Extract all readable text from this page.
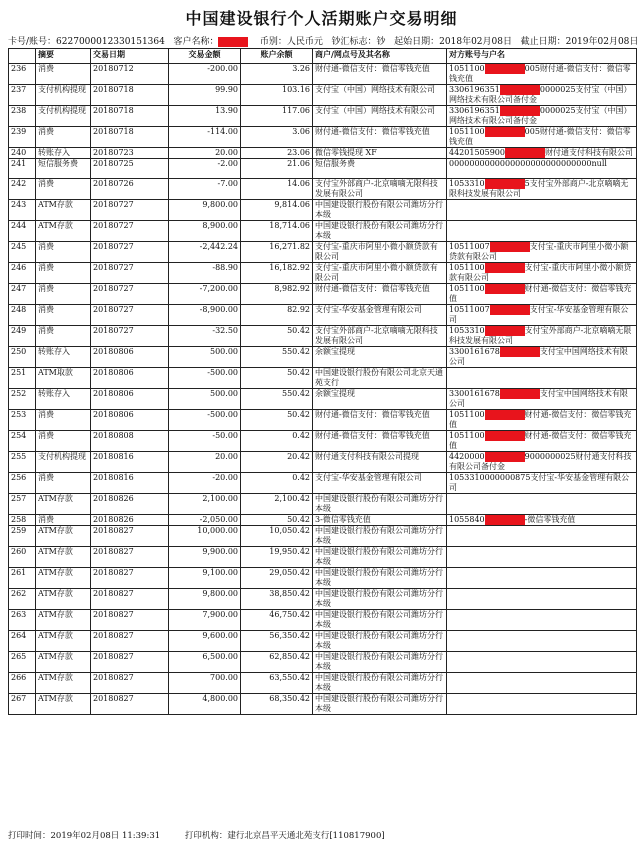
中国建设银行个人活期账户交易明细
卡号/账号：6227000012330151364 客户名称：	币别：人民币元 钞汇标志：钞 起始日期：2018年02月08日 截止日期：2019年02月08日
	摘要	交易日期	交易金额	账户余额	商户/网点号及其名称	对方账号与户名
236	消费	20180712	-200.00	3.26	财付通-微信支付：微信零钱充值	1051100 005财付通-微信支付：微信零钱充值
237	支付机构提现	20180718	99.90	103.16	支付宝（中国）网络技术有限公司	3306196351 0000025支付宝（中国）网络技术有限公司备付金
238	支付机构提现	20180718	13.90	117.06	支付宝（中国）网络技术有限公司	3306196351 0000025支付宝（中国）网络技术有限公司备付金
239	消费	20180718	-114.00	3.06	财付通-微信支付：微信零钱充值	1051100 005财付通-微信支付：微信零钱充值
240	转账存入	20180723	20.00	23.06	微信零钱提现 XF	44201505900 财付通支付科技有限公司
241	短信服务费	20180725	-2.00	21.06	短信服务费	0000000000000000000000000000null
242	消费	20180726	-7.00	14.06	支付宝外部商户-北京嘀嘀无限科技发展有限公司	1053310 5支付宝外部商户-北京嘀嘀无限科技发展有限公司
243	ATM存款	20180727	9,800.00	9,814.06	中国建设银行股份有限公司潍坊分行本级	
244	ATM存款	20180727	8,900.00	18,714.06	中国建设银行股份有限公司潍坊分行本级	
245	消费	20180727	-2,442.24	16,271.82	支付宝-重庆市阿里小微小额贷款有限公司	10511007 支付宝-重庆市阿里小微小额贷款有限公司
246	消费	20180727	-88.90	16,182.92	支付宝-重庆市阿里小微小额贷款有限公司	1051100 支付宝-重庆市阿里小微小额贷款有限公司
247	消费	20180727	-7,200.00	8,982.92	财付通-微信支付：微信零钱充值	1051100 财付通-微信支付：微信零钱充值
248	消费	20180727	-8,900.00	82.92	支付宝-华安基金管理有限公司	10511007 支付宝-华安基金管理有限公司
249	消费	20180727	-32.50	50.42	支付宝外部商户-北京嘀嘀无限科技发展有限公司	1053310 支付宝外部商户-北京嘀嘀无限科技发展有限公司
250	转账存入	20180806	500.00	550.42	余额宝提现	3300161678 支付宝中国网络技术有限公司
251	ATM取款	20180806	-500.00	50.42	中国建设银行股份有限公司北京天通苑支行	
252	转账存入	20180806	500.00	550.42	余额宝提现	3300161678 支付宝中国网络技术有限公司
253	消费	20180806	-500.00	50.42	财付通-微信支付：微信零钱充值	1051100 财付通-微信支付：微信零钱充值
254	消费	20180808	-50.00	0.42	财付通-微信支付：微信零钱充值	1051100 财付通-微信支付：微信零钱充值
255	支付机构提现	20180816	20.00	20.42	财付通支付科技有限公司提现	4420000 9000000025财付通支付科技有限公司备付金
256	消费	20180816	-20.00	0.42	支付宝-华安基金管理有限公司	1053310000000875支付宝-华安基金管理有限公司
257	ATM存款	20180826	2,100.00	2,100.42	中国建设银行股份有限公司潍坊分行本级	
258	消费	20180826	-2,050.00	50.42	3-微信零钱充值	1055840 -微信零钱充值
259	ATM存款	20180827	10,000.00	10,050.42	中国建设银行股份有限公司潍坊分行本级	
260	ATM存款	20180827	9,900.00	19,950.42	中国建设银行股份有限公司潍坊分行本级	
261	ATM存款	20180827	9,100.00	29,050.42	中国建设银行股份有限公司潍坊分行本级	
262	ATM存款	20180827	9,800.00	38,850.42	中国建设银行股份有限公司潍坊分行本级	
263	ATM存款	20180827	7,900.00	46,750.42	中国建设银行股份有限公司潍坊分行本级	
264	ATM存款	20180827	9,600.00	56,350.42	中国建设银行股份有限公司潍坊分行本级	
265	ATM存款	20180827	6,500.00	62,850.42	中国建设银行股份有限公司潍坊分行本级	
266	ATM存款	20180827	700.00	63,550.42	中国建设银行股份有限公司潍坊分行本级	
267	ATM存款	20180827	4,800.00	68,350.42	中国建设银行股份有限公司潍坊分行本级	
打印时间：2019年02月08日 11:39:31	打印机构：建行北京昌平天通北苑支行[110817900]
